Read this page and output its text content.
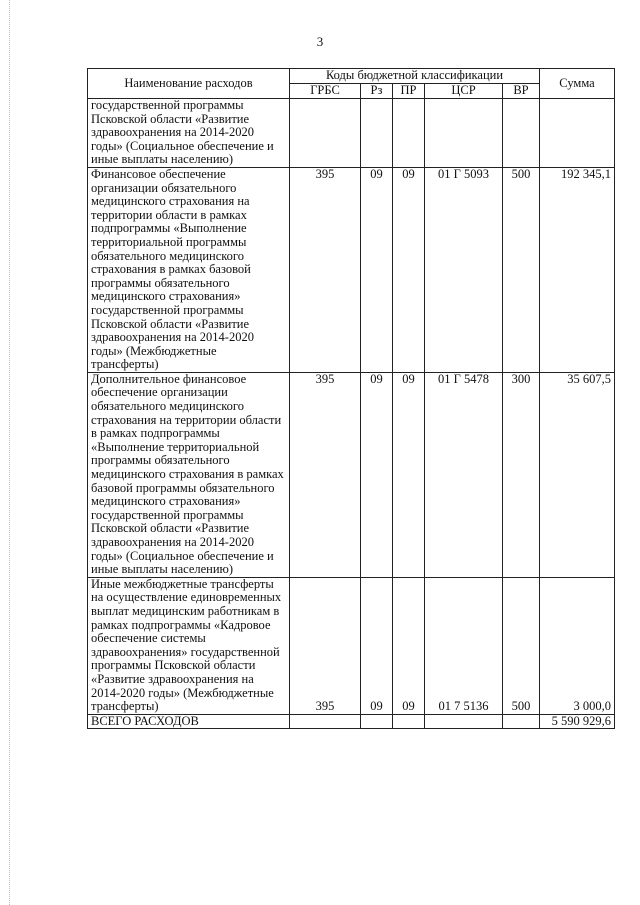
3
Наименование расходов	Коды бюджетной классификации					Сумма
	ГРБС	Рз	ПР	ЦСР	ВР	
государственной программы Псковской области «Развитие здравоохранения на 2014-2020 годы» (Социальное обеспечение и иные выплаты населению)						
Финансовое обеспечение организации обязательного медицинского страхования на территории области в рамках подпрограммы «Выполнение территориальной программы обязательного медицинского страхования в рамках базовой программы обязательного медицинского страхования» государственной программы Псковской области «Развитие здравоохранения на 2014-2020 годы» (Межбюджетные трансферты)	395	09	09	01 Г 5093	500	192 345,1
Дополнительное финансовое обеспечение организации обязательного медицинского страхования на территории области в рамках подпрограммы «Выполнение территориальной программы обязательного медицинского страхования в рамках базовой программы обязательного медицинского страхования» государственной программы Псковской области «Развитие здравоохранения на 2014-2020 годы» (Социальное обеспечение и иные выплаты населению)	395	09	09	01 Г 5478	300	35 607,5
Иные межбюджетные трансферты на осуществление единовременных выплат медицинским работникам в рамках подпрограммы «Кадровое обеспечение системы здравоохранения» государственной программы Псковской области «Развитие здравоохранения на 2014-2020 годы» (Межбюджетные трансферты)	395	09	09	01 7 5136	500	3 000,0
ВСЕГО РАСХОДОВ						5 590 929,6
